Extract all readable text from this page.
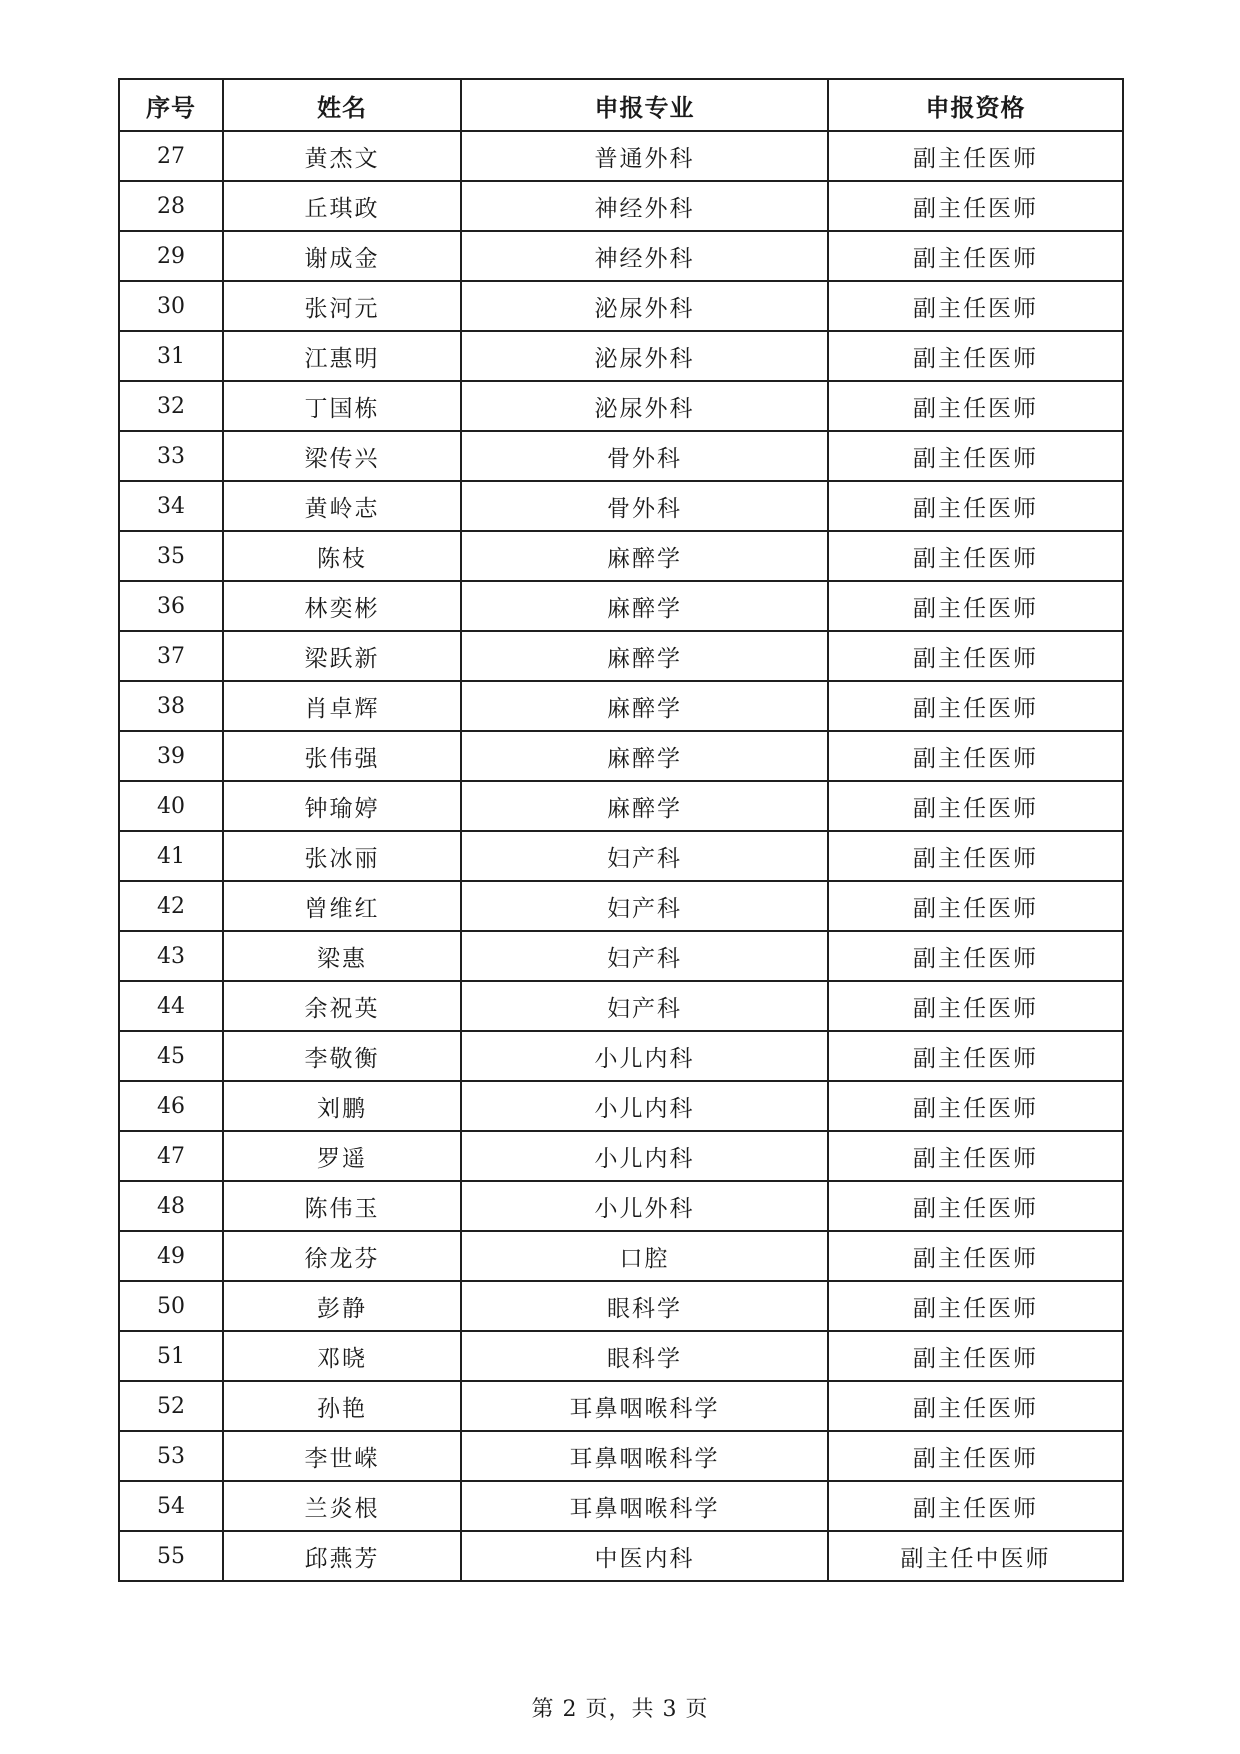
序号	姓名	申报专业	申报资格
27	黄杰文	普通外科	副主任医师
28	丘琪政	神经外科	副主任医师
29	谢成金	神经外科	副主任医师
30	张河元	泌尿外科	副主任医师
31	江惠明	泌尿外科	副主任医师
32	丁国栋	泌尿外科	副主任医师
33	梁传兴	骨外科	副主任医师
34	黄岭志	骨外科	副主任医师
35	陈枝	麻醉学	副主任医师
36	林奕彬	麻醉学	副主任医师
37	梁跃新	麻醉学	副主任医师
38	肖卓辉	麻醉学	副主任医师
39	张伟强	麻醉学	副主任医师
40	钟瑜婷	麻醉学	副主任医师
41	张冰丽	妇产科	副主任医师
42	曾维红	妇产科	副主任医师
43	梁惠	妇产科	副主任医师
44	余祝英	妇产科	副主任医师
45	李敬衡	小儿内科	副主任医师
46	刘鹏	小儿内科	副主任医师
47	罗遥	小儿内科	副主任医师
48	陈伟玉	小儿外科	副主任医师
49	徐龙芬	口腔	副主任医师
50	彭静	眼科学	副主任医师
51	邓晓	眼科学	副主任医师
52	孙艳	耳鼻咽喉科学	副主任医师
53	李世嵘	耳鼻咽喉科学	副主任医师
54	兰炎根	耳鼻咽喉科学	副主任医师
55	邱燕芳	中医内科	副主任中医师
第 2 页，共 3 页
